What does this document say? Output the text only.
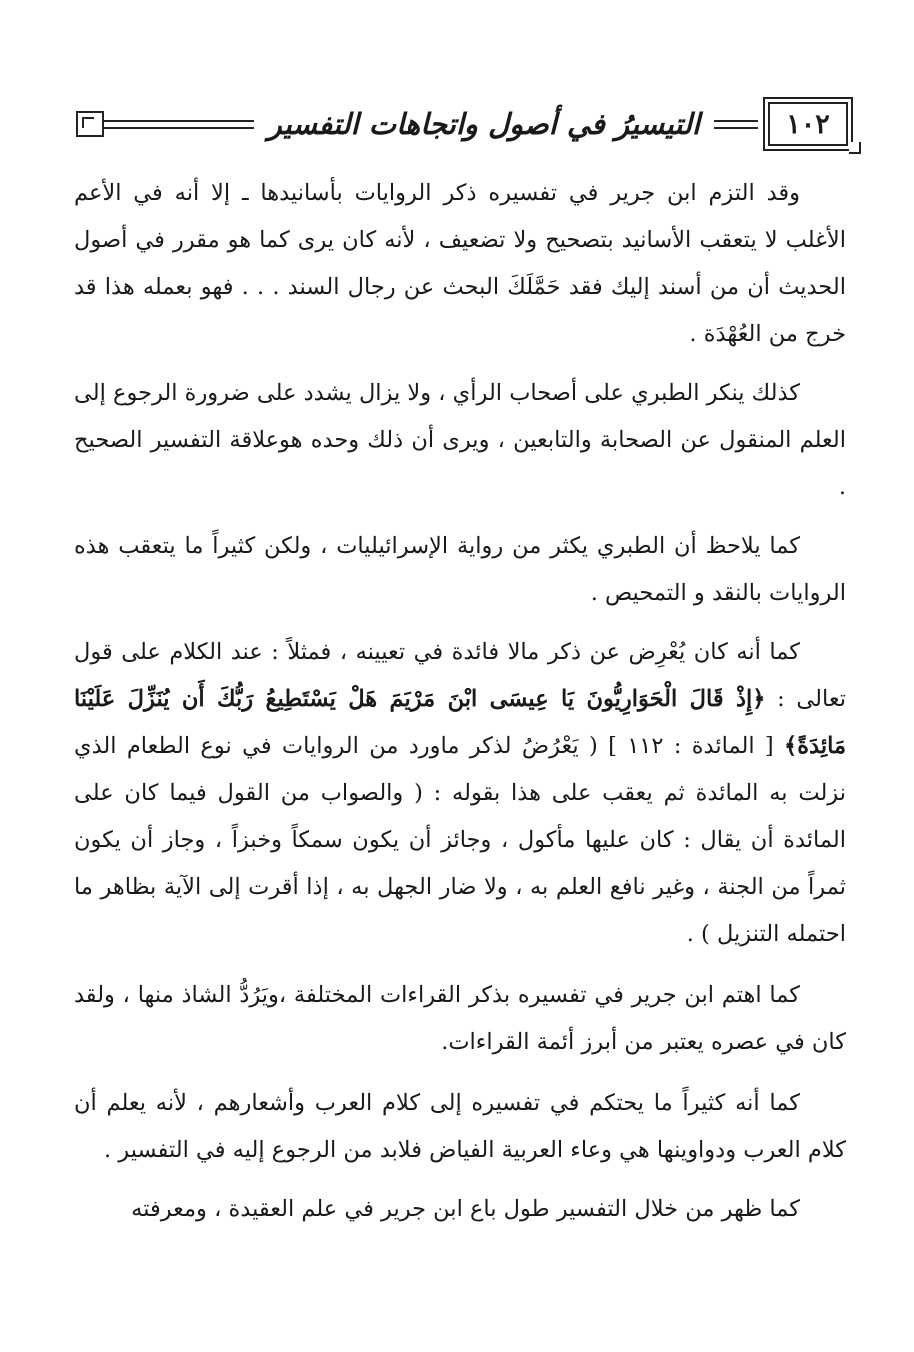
التيسيرُ في أصول واتجاهات التفسير	١٠٢

وقد التزم ابن جرير في تفسيره ذكر الروايات بأسانيدها ـ إلا أنه في الأعم الأغلب لا يتعقب الأسانيد بتصحيح ولا تضعيف ، لأنه كان يرى كما هو مقرر في أصول الحديث أن من أسند إليك فقد حَمَّلَكَ البحث عن رجال السند . . . فهو بعمله هذا قد خرج من العُهْدَة .

كذلك ينكر الطبري على أصحاب الرأي ، ولا يزال يشدد على ضرورة الرجوع إلى العلم المنقول عن الصحابة والتابعين ، ويرى أن ذلك وحده هوعلاقة التفسير الصحيح .

كما يلاحظ أن الطبري يكثر من رواية الإسرائيليات ، ولكن كثيراً ما يتعقب هذه الروايات بالنقد و التمحيص .

كما أنه كان يُعْرِض عن ذكر مالا فائدة في تعيينه ، فمثلاً : عند الكلام على قول تعالى : ﴿إِذْ قَالَ الْحَوَارِيُّونَ يَا عِيسَى ابْنَ مَرْيَمَ هَلْ يَسْتَطِيعُ رَبُّكَ أَن يُنَزِّلَ عَلَيْنَا مَائِدَةً﴾ [ المائدة : ١١٢ ] ( يَعْرُضُ لذكر ماورد من الروايات في نوع الطعام الذي نزلت به المائدة ثم يعقب على هذا بقوله : ( والصواب من القول فيما كان على المائدة أن يقال : كان عليها مأكول ، وجائز أن يكون سمكاً وخبزاً ، وجاز أن يكون ثمراً من الجنة ، وغير نافع العلم به ، ولا ضار الجهل به ، إذا أقرت إلى الآية بظاهر ما احتمله التنزيل ) .

كما اهتم ابن جرير في تفسيره بذكر القراءات المختلفة ،ويَرُدُّ الشاذ منها ، ولقد كان في عصره يعتبر من أبرز أئمة القراءات.

كما أنه كثيراً ما يحتكم في تفسيره إلى كلام العرب وأشعارهم ، لأنه يعلم أن كلام العرب ودواوينها هي وعاء العربية الفياض فلابد من الرجوع إليه في التفسير .

كما ظهر من خلال التفسير طول باع ابن جرير في علم العقيدة ، ومعرفته
